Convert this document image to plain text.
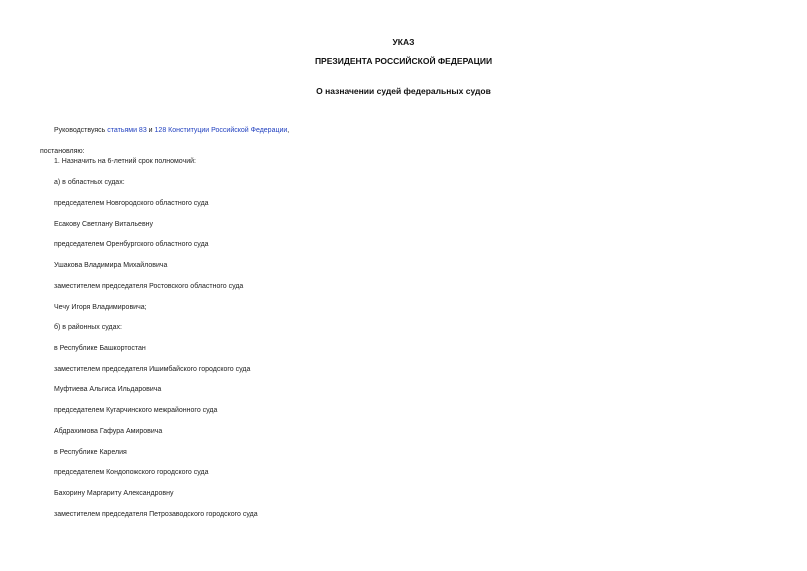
УКАЗ
ПРЕЗИДЕНТА РОССИЙСКОЙ ФЕДЕРАЦИИ
О назначении судей федеральных судов
Руководствуясь статьями 83 и 128 Конституции Российской Федерации,
постановляю:
1. Назначить на 6-летний срок полномочий:
а) в областных судах:
председателем Новгородского областного суда
Есакову Светлану Витальевну
председателем Оренбургского областного суда
Ушакова Владимира Михайловича
заместителем председателя Ростовского областного суда
Чечу Игоря Владимировича;
б) в районных судах:
в Республике Башкортостан
заместителем председателя Ишимбайского городского суда
Муфтиева Альгиса Ильдаровича
председателем Кугарчинского межрайонного суда
Абдрахимова Гафура Амировича
в Республике Карелия
председателем Кондопожского городского суда
Бахорину Маргариту Александровну
заместителем председателя Петрозаводского городского суда
